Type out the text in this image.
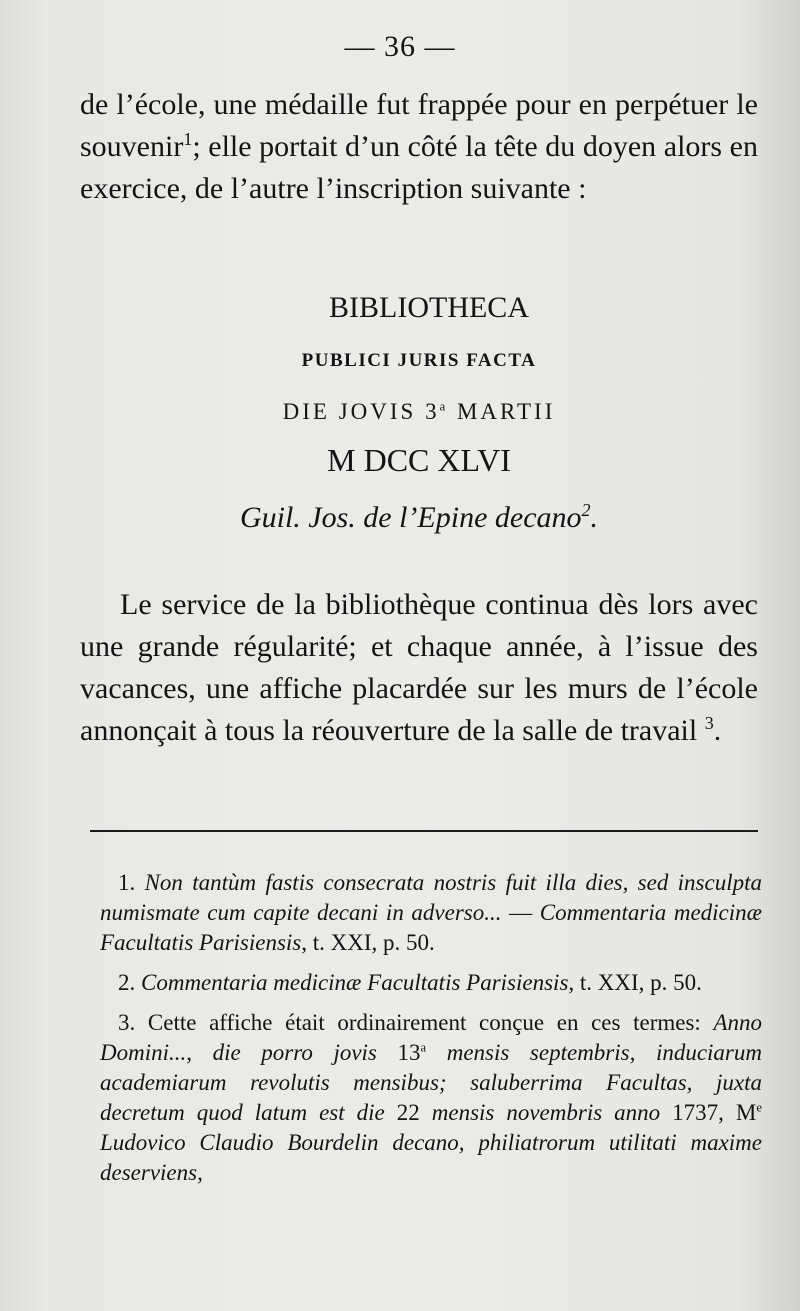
— 36 —

de l’école, une médaille fut frappée pour en perpétuer le souvenir$^1$; elle portait d’un côté la tête du doyen alors en exercice, de l’autre l’inscription suivante :

BIBLIOTHECA

PUBLICI JURIS FACTA

DIE JOVIS 3$^a$ MARTII

M DCC XLVI

Guil. Jos. de l’Epine decano$^2$.

Le service de la bibliothèque continua dès lors avec une grande régularité; et chaque année, à l’issue des vacances, une affiche placardée sur les murs de l’école annonçait à tous la réouverture de la salle de travail $^3$.

1. Non tantùm fastis consecrata nostris fuit illa dies, sed insculpta numismate cum capite decani in adverso... — Commentaria medicinæ Facultatis Parisiensis, t. XXI, p. 50.

2. Commentaria medicinæ Facultatis Parisiensis, t. XXI, p. 50.

3. Cette affiche était ordinairement conçue en ces termes: Anno Domini..., die porro jovis 13$^a$ mensis septembris, induciarum academiarum revolutis mensibus; saluberrima Facultas, juxta decretum quod latum est die 22 mensis novembris anno 1737, Me Ludovico Claudio Bourdelin decano, philiatrorum utilitati maxime deserviens,
